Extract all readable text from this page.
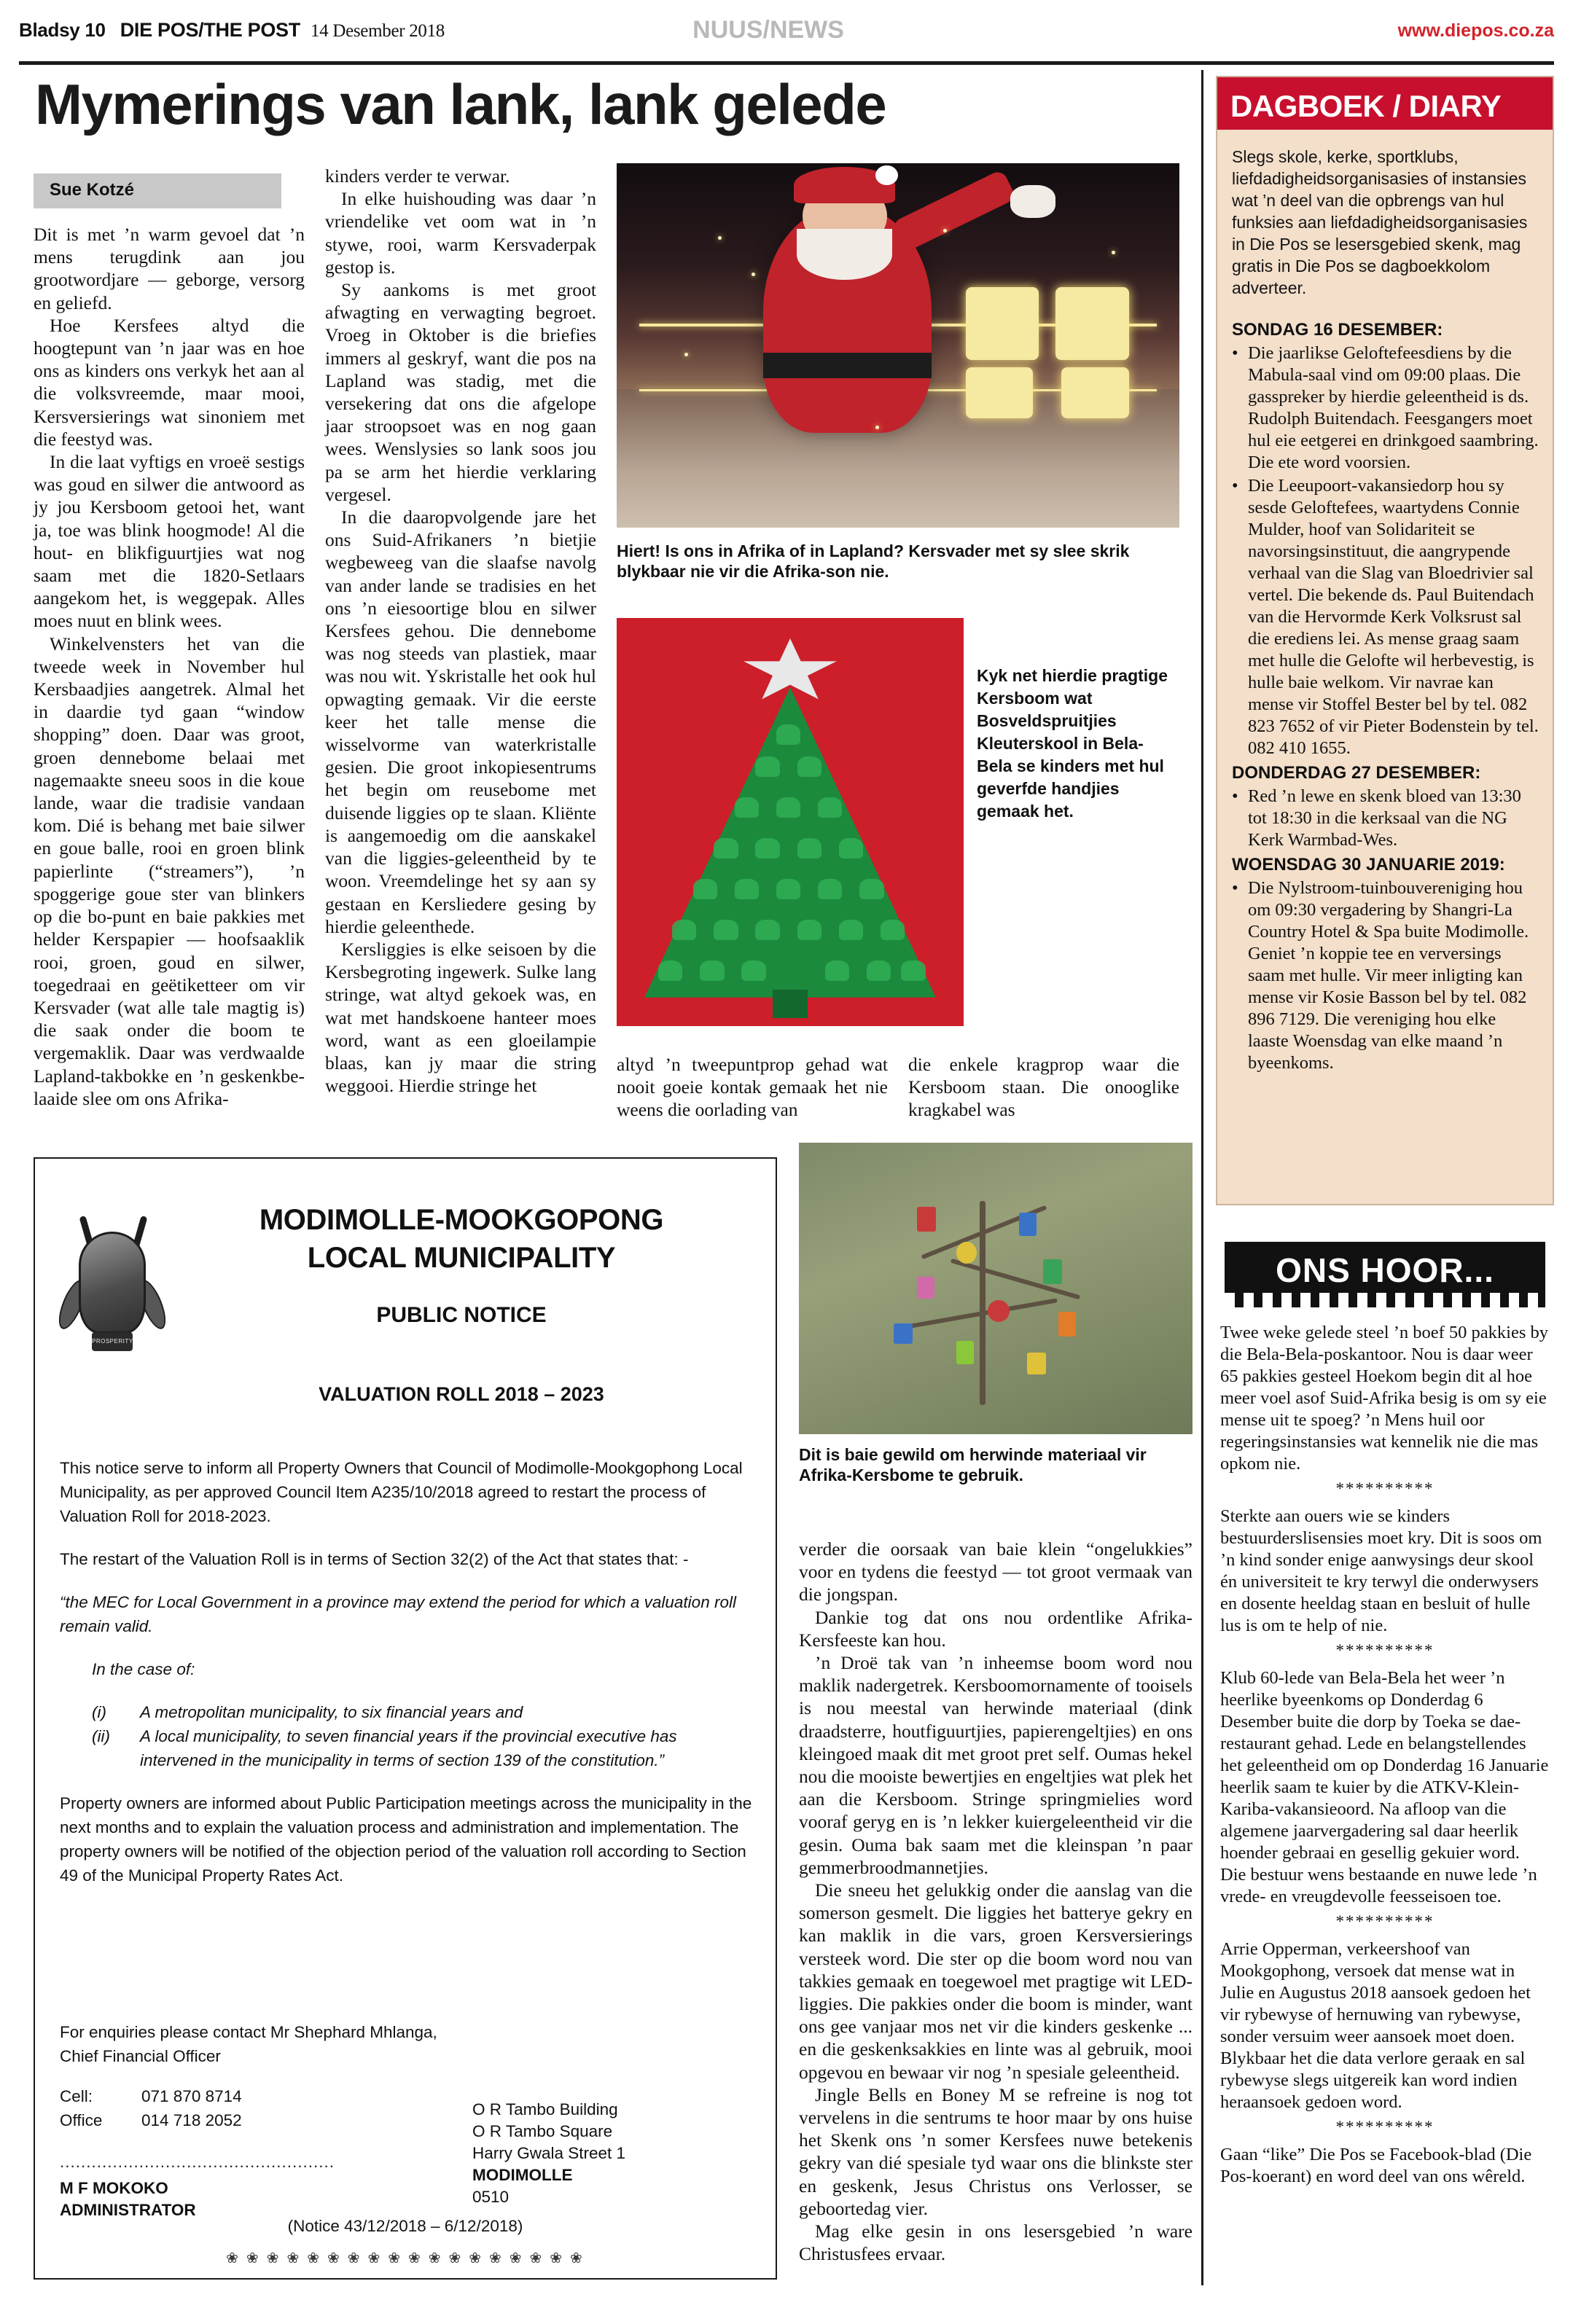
Bladsy 10 DIE POS/THE POST 14 Desember 2018	NUUS/NEWS	www.diepos.co.za
Mymerings van lank, lank gelede
Sue Kotzé

Dit is met ’n warm gevoel dat ’n mens terugdink aan jou grootwordjare — geborge, versorg en geliefd.

Hoe Kersfees altyd die hoogtepunt van ’n jaar was en hoe ons as kinders ons verkyk het aan al die volksvreemde, maar mooi, Kersversierings wat sinoniem met die feestyd was.

In die laat vyftigs en vroeë sestigs was goud en silwer die antwoord as jy jou Kersboom getooi het, want ja, toe was blink hoogmode! Al die hout- en blikfiguurtjies wat nog saam met die 1820-Setlaars aangekom het, is weggepak. Alles moes nuut en blink wees.

Winkelvensters het van die tweede week in November hul Kersbaadjies aangetrek. Almal het in daardie tyd gaan “window shopping” doen. Daar was groot, groen dennebome belaai met nagemaakte sneeu soos in die koue lande, waar die tradisie vandaan kom. Dié is behang met baie silwer en goue balle, rooi en groen blink papierlinte (“streamers”), ’n spoggerige goue ster van blinkers op die bo-punt en baie pakkies met helder Kerspapier — hoofsaaklik rooi, groen, goud en silwer, toegedraai en geëtiketteer om vir Kersvader (wat alle tale magtig is) die saak onder die boom te vergemaklik. Daar was verdwaalde Lapland-takbokke en ’n geskenkbe-laaide slee om ons Afrika-

kinders verder te verwar.

In elke huishouding was daar ’n vriendelike vet oom wat in ’n stywe, rooi, warm Kersvaderpak gestop is.

Sy aankoms is met groot afwagting en verwagting begroet. Vroeg in Oktober is die briefies immers al geskryf, want die pos na Lapland was stadig, met die versekering dat ons die afgelope jaar stroopsoet was en nog gaan wees. Wenslysies so lank soos jou pa se arm het hierdie verklaring vergesel.

In die daaropvolgende jare het ons Suid-Afrikaners ’n bietjie wegbeweeg van die slaafse navolg van ander lande se tradisies en het ons ’n eiesoortige blou en silwer Kersfees gehou. Die dennebome was nog steeds van plastiek, maar was nou wit. Yskristalle het ook hul opwagting gemaak. Vir die eerste keer het talle mense die wisselvorme van waterkristalle gesien. Die groot inkopiesentrums het begin om reusebome met duisende liggies op te slaan. Kliënte is aangemoedig om die aanskakel van die liggies-geleentheid by te woon. Vreemdelinge het sy aan sy gestaan en Kersliedere gesing by hierdie geleenthede.

Kersliggies is elke seisoen by die Kersbegroting ingewerk. Sulke lang stringe, wat altyd gekoek was, en wat met handskoene hanteer moes word, want as een gloeilampie blaas, kan jy maar die string weggooi. Hierdie stringe het

altyd ’n tweepuntprop gehad wat nooit goeie kontak gemaak het nie weens die oorlading van

die enkele kragprop waar die Kersboom staan. Die onooglike kragkabel was

verder die oorsaak van baie klein “ongelukkies” voor en tydens die feestyd — tot groot vermaak van die jongspan.

Dankie tog dat ons nou ordentlike Afrika-Kersfeeste kan hou.

’n Droë tak van ’n inheemse boom word nou maklik nadergetrek. Kersboomornamente of tooisels is nou meestal van herwinde materiaal (dink draadsterre, houtfiguurtjies, papierengeltjies) en ons kleingoed maak dit met groot pret self. Oumas hekel nou die mooiste bewertjies en engeltjies wat plek het aan die Kersboom. Stringe springmielies word vooraf geryg en is ’n lekker kuiergeleentheid vir die gesin. Ouma bak saam met die kleinspan ’n paar gemmerbroodmannetjies.

Die sneeu het gelukkig onder die aanslag van die somerson gesmelt. Die liggies het batterye gekry en kan maklik in die vars, groen Kersversierings versteek word. Die ster op die boom word nou van takkies gemaak en toegewoel met pragtige wit LED-liggies. Die pakkies onder die boom is minder, want ons gee vanjaar mos net vir die kinders geskenke ... en die geskenksakkies en linte was al gebruik, mooi opgevou en bewaar vir nog ’n spesiale geleentheid.

Jingle Bells en Boney M se refreine is nog tot vervelens in die sentrums te hoor maar by ons huise het Skenk ons ’n somer Kersfees nuwe betekenis gekry van dié spesiale tyd waar ons die blinkste ster en geskenk, Jesus Christus ons Verlosser, se geboortedag vier.

Mag elke gesin in ons lesersgebied ’n ware Christusfees ervaar.

Hiert! Is ons in Afrika of in Lapland? Kersvader met sy slee skrik blykbaar nie vir die Afrika-son nie.
Kyk net hierdie pragtige Kersboom wat Bosveldspruitjies Kleuterskool in Bela-Bela se kinders met hul geverfde handjies gemaak het.
Dit is baie gewild om herwinde materiaal vir Afrika-Kersbome te gebruik.
PROSPERITY
MODIMOLLE-MOOKGOPONG
LOCAL MUNICIPALITY
PUBLIC NOTICE
VALUATION ROLL 2018 – 2023

This notice serve to inform all Property Owners that Council of Modimolle-Mookgophong Local Municipality, as per approved Council Item A235/10/2018 agreed to restart the process of Valuation Roll for 2018-2023.

The restart of the Valuation Roll is in terms of Section 32(2) of the Act that states that: -

“the MEC for Local Government in a province may extend the period for which a valuation roll remain valid.

In the case of:

(i)	A metropolitan municipality, to six financial years and
(ii)	A local municipality, to seven financial years if the provincial executive has intervened in the municipality in terms of section 139 of the constitution.”

Property owners are informed about Public Participation meetings across the municipality in the next months and to explain the valuation process and administration and implementation. The property owners will be notified of the objection period of the valuation roll according to Section 49 of the Municipal Property Rates Act.

For enquiries please contact Mr Shephard Mhlanga, Chief Financial Officer
Cell:	071 870 8714
Office	014 718 2052
O R Tambo Building
O R Tambo Square
Harry Gwala Street 1
MODIMOLLE
0510
....................................................
M F MOKOKO
ADMINISTRATOR
(Notice 43/12/2018 – 6/12/2018)
❀ ❀ ❀ ❀ ❀ ❀ ❀ ❀ ❀ ❀ ❀ ❀ ❀ ❀ ❀ ❀ ❀ ❀
DAGBOEK / DIARY
Slegs skole, kerke, sportklubs, liefdadigheidsorganisasies of instansies wat ’n deel van die opbrengs van hul funksies aan liefdadigheidsorganisasies in Die Pos se lesersgebied skenk, mag gratis in Die Pos se dagboekkolom adverteer.
SONDAG 16 DESEMBER:
• Die jaarlikse Geloftefeesdiens by die Mabula-saal vind om 09:00 plaas. Die gasspreker by hierdie geleentheid is ds. Rudolph Buitendach. Feesgangers moet hul eie eetgerei en drinkgoed saambring. Die ete word voorsien.
• Die Leeupoort-vakansiedorp hou sy sesde Geloftefees, waartydens Connie Mulder, hoof van Solidariteit se navorsingsinstituut, die aangrypende verhaal van die Slag van Bloedrivier sal vertel. Die bekende ds. Paul Buitendach van die Hervormde Kerk Volksrust sal die erediens lei. As mense graag saam met hulle die Gelofte wil herbevestig, is hulle baie welkom. Vir navrae kan mense vir Stoffel Bester bel by tel. 082 823 7652 of vir Pieter Bodenstein by tel. 082 410 1655.
DONDERDAG 27 DESEMBER:
• Red ’n lewe en skenk bloed van 13:30 tot 18:30 in die kerksaal van die NG Kerk Warmbad-Wes.
WOENSDAG 30 JANUARIE 2019:
• Die Nylstroom-tuinbouvereniging hou om 09:30 vergadering by Shangri-La Country Hotel & Spa buite Modimolle. Geniet ’n koppie tee en verversings saam met hulle. Vir meer inligting kan mense vir Kosie Basson bel by tel. 082 896 7129. Die vereniging hou elke laaste Woensdag van elke maand ’n byeenkoms.
ONS HOOR...

Twee weke gelede steel ’n boef 50 pakkies by die Bela-Bela-poskantoor. Nou is daar weer 65 pakkies gesteel Hoekom begin dit al hoe meer voel asof Suid-Afrika besig is om sy eie mense uit te spoeg? ’n Mens huil oor regeringsinstansies wat kennelik nie die mas opkom nie.

**********

Sterkte aan ouers wie se kinders bestuurderslisensies moet kry. Dit is soos om ’n kind sonder enige aanwysings deur skool én universiteit te kry terwyl die onderwysers en dosente heeldag staan en besluit of hulle lus is om te help of nie.

**********

Klub 60-lede van Bela-Bela het weer ’n heerlike byeenkoms op Donderdag 6 Desember buite die dorp by Toeka se dae-restaurant gehad. Lede en belangstellendes het geleentheid om op Donderdag 16 Januarie heerlik saam te kuier by die ATKV-Klein-Kariba-vakansieoord. Na afloop van die algemene jaarvergadering sal daar heerlik hoender gebraai en gesellig gekuier word. Die bestuur wens bestaande en nuwe lede ’n vrede- en vreugdevolle feesseisoen toe.

**********

Arrie Opperman, verkeershoof van Mookgophong, versoek dat mense wat in Julie en Augustus 2018 aansoek gedoen het vir rybewyse of hernuwing van rybewyse, sonder versuim weer aansoek moet doen. Blykbaar het die data verlore geraak en sal rybewyse slegs uitgereik kan word indien heraansoek gedoen word.

**********

Gaan “like” Die Pos se Facebook-blad (Die Pos-koerant) en word deel van ons wêreld.
